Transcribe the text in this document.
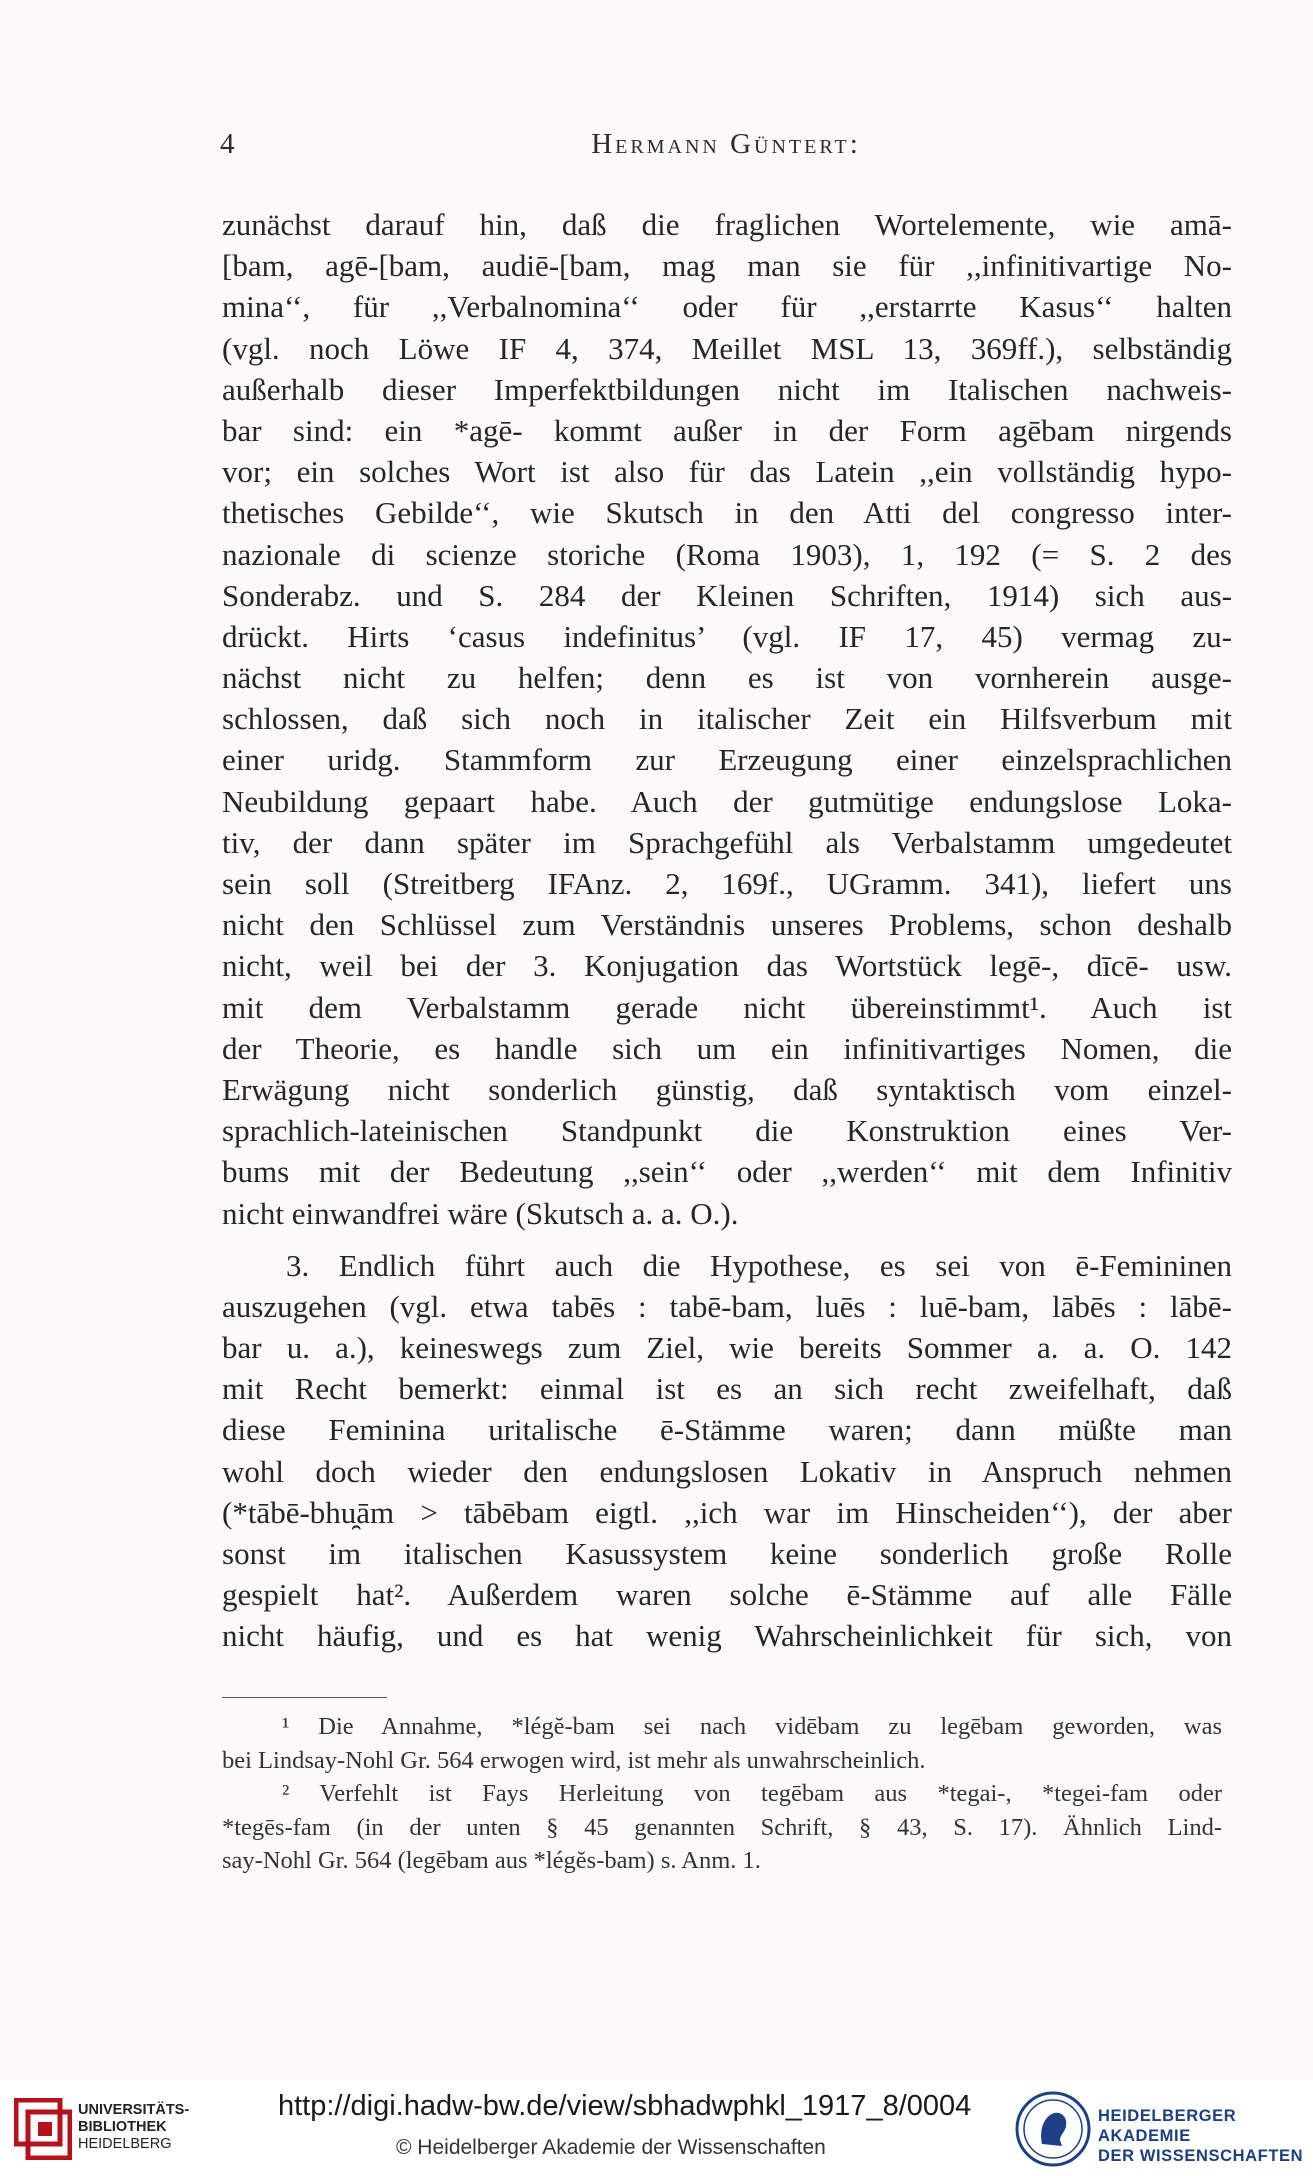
4	Hermann Güntert:
zunächst darauf hin, daß die fraglichen Wortelemente, wie amā-
[bam, agē-[bam, audiē-[bam, mag man sie für ,,infinitivartige No-
mina‘‘, für ,,Verbalnomina‘‘ oder für ,,erstarrte Kasus‘‘ halten
(vgl. noch Löwe IF 4, 374, Meillet MSL 13, 369ff.), selbständig
außerhalb dieser Imperfektbildungen nicht im Italischen nachweis-
bar sind: ein *agē- kommt außer in der Form agēbam nirgends
vor; ein solches Wort ist also für das Latein ,,ein vollständig hypo-
thetisches Gebilde‘‘, wie Skutsch in den Atti del congresso inter-
nazionale di scienze storiche (Roma 1903), 1, 192 (= S. 2 des
Sonderabz. und S. 284 der Kleinen Schriften, 1914) sich aus-
drückt. Hirts ‘casus indefinitus’ (vgl. IF 17, 45) vermag zu-
nächst nicht zu helfen; denn es ist von vornherein ausge-
schlossen, daß sich noch in italischer Zeit ein Hilfsverbum mit
einer uridg. Stammform zur Erzeugung einer einzelsprachlichen
Neubildung gepaart habe. Auch der gutmütige endungslose Loka-
tiv, der dann später im Sprachgefühl als Verbalstamm umgedeutet
sein soll (Streitberg IFAnz. 2, 169f., UGramm. 341), liefert uns
nicht den Schlüssel zum Verständnis unseres Problems, schon deshalb
nicht, weil bei der 3. Konjugation das Wortstück legē-, dīcē- usw.
mit dem Verbalstamm gerade nicht übereinstimmt¹. Auch ist
der Theorie, es handle sich um ein infinitivartiges Nomen, die
Erwägung nicht sonderlich günstig, daß syntaktisch vom einzel-
sprachlich-lateinischen Standpunkt die Konstruktion eines Ver-
bums mit der Bedeutung ,,sein‘‘ oder ,,werden‘‘ mit dem Infinitiv
nicht einwandfrei wäre (Skutsch a. a. O.).
3. Endlich führt auch die Hypothese, es sei von ē-Femininen
auszugehen (vgl. etwa tabēs : tabē-bam, luēs : luē-bam, lābēs : lābē-
bar u. a.), keineswegs zum Ziel, wie bereits Sommer a. a. O. 142
mit Recht bemerkt: einmal ist es an sich recht zweifelhaft, daß
diese Feminina uritalische ē-Stämme waren; dann müßte man
wohl doch wieder den endungslosen Lokativ in Anspruch nehmen
(*tābē-bhu̯ām > tābēbam eigtl. ,,ich war im Hinscheiden‘‘), der aber
sonst im italischen Kasussystem keine sonderlich große Rolle
gespielt hat². Außerdem waren solche ē-Stämme auf alle Fälle
nicht häufig, und es hat wenig Wahrscheinlichkeit für sich, von
¹ Die Annahme, *légĕ-bam sei nach vidēbam zu legēbam geworden, was
bei Lindsay-Nohl Gr. 564 erwogen wird, ist mehr als unwahrscheinlich.
² Verfehlt ist Fays Herleitung von tegēbam aus *tegai-, *tegei-fam oder
*tegēs-fam (in der unten § 45 genannten Schrift, § 43, S. 17). Ähnlich Lind-
say-Nohl Gr. 564 (legēbam aus *légĕs-bam) s. Anm. 1.
UNIVERSITÄTS-
BIBLIOTHEK
HEIDELBERG
http://digi.hadw-bw.de/view/sbhadwphkl_1917_8/0004
© Heidelberger Akademie der Wissenschaften
HEIDELBERGER AKADEMIE
DER WISSENSCHAFTEN
